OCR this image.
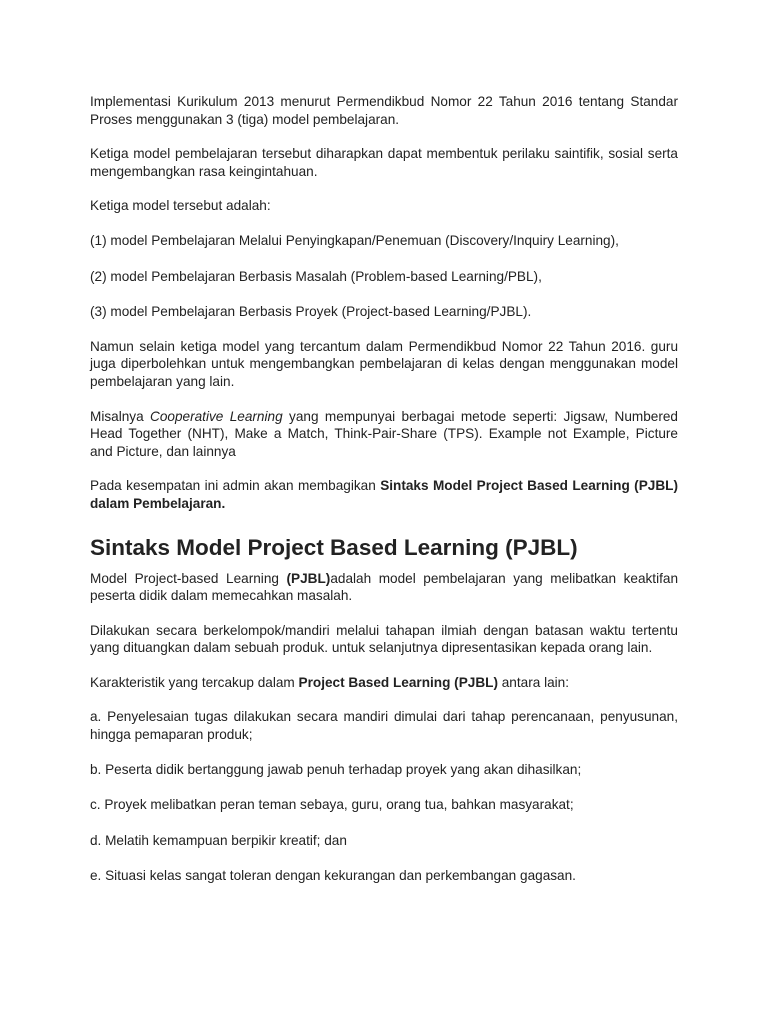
Implementasi Kurikulum 2013 menurut Permendikbud Nomor 22 Tahun 2016 tentang Standar Proses menggunakan 3 (tiga) model pembelajaran.

Ketiga model pembelajaran tersebut diharapkan dapat membentuk perilaku saintifik, sosial serta mengembangkan rasa keingintahuan.

Ketiga model tersebut adalah:

(1) model Pembelajaran Melalui Penyingkapan/Penemuan (Discovery/Inquiry Learning),

(2) model Pembelajaran Berbasis Masalah (Problem-based Learning/PBL),

(3) model Pembelajaran Berbasis Proyek (Project-based Learning/PJBL).

Namun selain ketiga model yang tercantum dalam Permendikbud Nomor 22 Tahun 2016. guru juga diperbolehkan untuk mengembangkan pembelajaran di kelas dengan menggunakan model pembelajaran yang lain.

Misalnya Cooperative Learning yang mempunyai berbagai metode seperti: Jigsaw, Numbered Head Together (NHT), Make a Match, Think-Pair-Share (TPS). Example not Example, Picture and Picture, dan lainnya

Pada kesempatan ini admin akan membagikan Sintaks Model Project Based Learning (PJBL) dalam Pembelajaran.

Sintaks Model Project Based Learning (PJBL)

Model Project-based Learning (PJBL)adalah model pembelajaran yang melibatkan keaktifan peserta didik dalam memecahkan masalah.

Dilakukan secara berkelompok/mandiri melalui tahapan ilmiah dengan batasan waktu tertentu yang dituangkan dalam sebuah produk. untuk selanjutnya dipresentasikan kepada orang lain.

Karakteristik yang tercakup dalam Project Based Learning (PJBL) antara lain:

a. Penyelesaian tugas dilakukan secara mandiri dimulai dari tahap perencanaan, penyusunan, hingga pemaparan produk;

b. Peserta didik bertanggung jawab penuh terhadap proyek yang akan dihasilkan;

c. Proyek melibatkan peran teman sebaya, guru, orang tua, bahkan masyarakat;

d. Melatih kemampuan berpikir kreatif; dan

e. Situasi kelas sangat toleran dengan kekurangan dan perkembangan gagasan.
